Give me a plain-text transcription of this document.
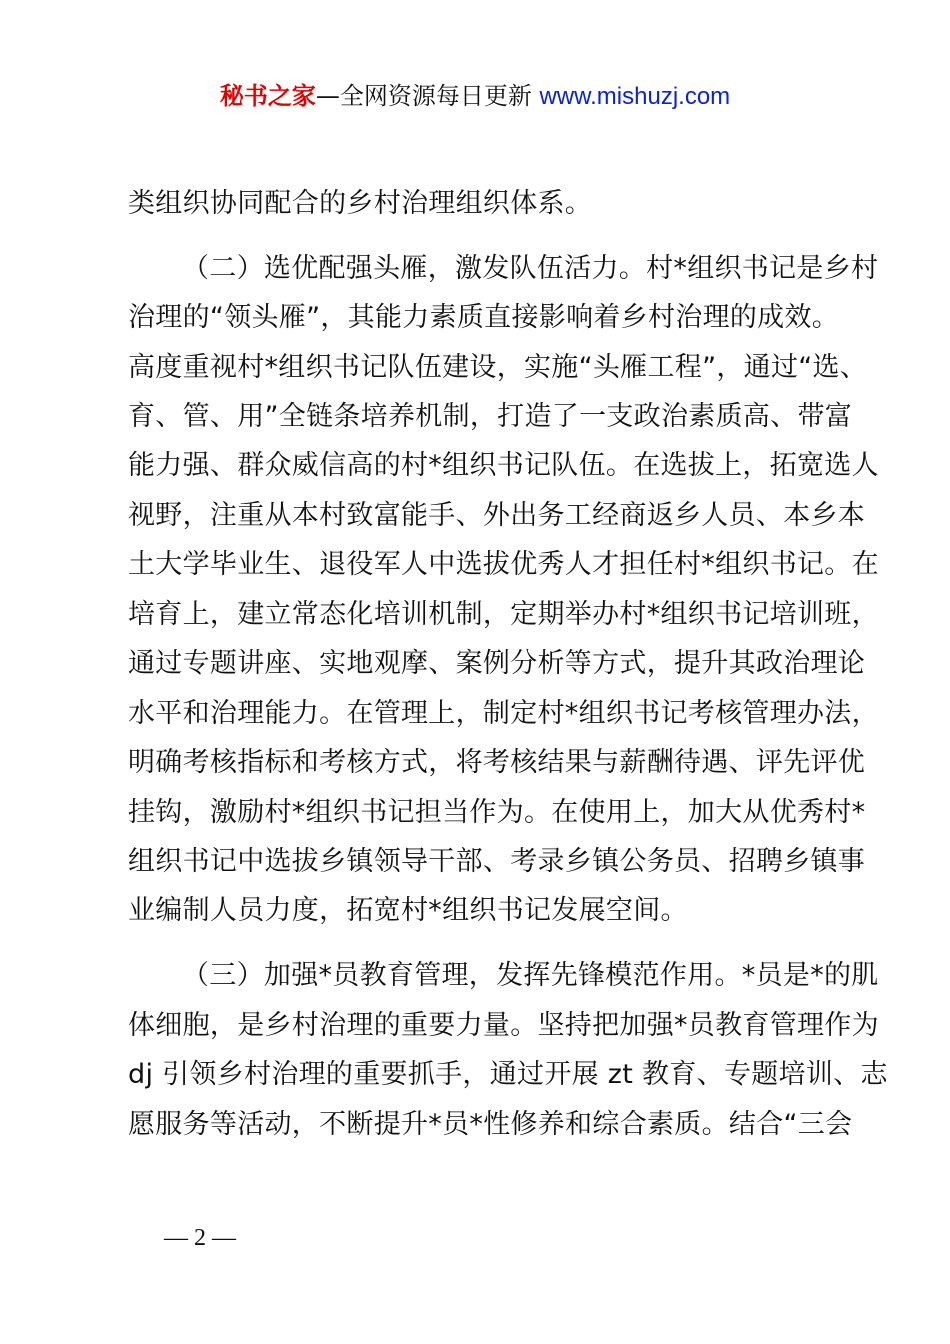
秘书之家—全网资源每日更新 www.mishuzj.com
类组织协同配合的乡村治理组织体系。
（二）选优配强头雁，激发队伍活力。村*组织书记是乡村
治理的“领头雁”，其能力素质直接影响着乡村治理的成效。
高度重视村*组织书记队伍建设，实施“头雁工程”，通过“选、
育、管、用”全链条培养机制，打造了一支政治素质高、带富
能力强、群众威信高的村*组织书记队伍。在选拔上，拓宽选人
视野，注重从本村致富能手、外出务工经商返乡人员、本乡本
土大学毕业生、退役军人中选拔优秀人才担任村*组织书记。在
培育上，建立常态化培训机制，定期举办村*组织书记培训班，
通过专题讲座、实地观摩、案例分析等方式，提升其政治理论
水平和治理能力。在管理上，制定村*组织书记考核管理办法，
明确考核指标和考核方式，将考核结果与薪酬待遇、评先评优
挂钩，激励村*组织书记担当作为。在使用上，加大从优秀村*
组织书记中选拔乡镇领导干部、考录乡镇公务员、招聘乡镇事
业编制人员力度，拓宽村*组织书记发展空间。
（三）加强*员教育管理，发挥先锋模范作用。*员是*的肌
体细胞，是乡村治理的重要力量。坚持把加强*员教育管理作为
dj 引领乡村治理的重要抓手，通过开展 zt 教育、专题培训、志
愿服务等活动，不断提升*员*性修养和综合素质。结合“三会
— 2 —
